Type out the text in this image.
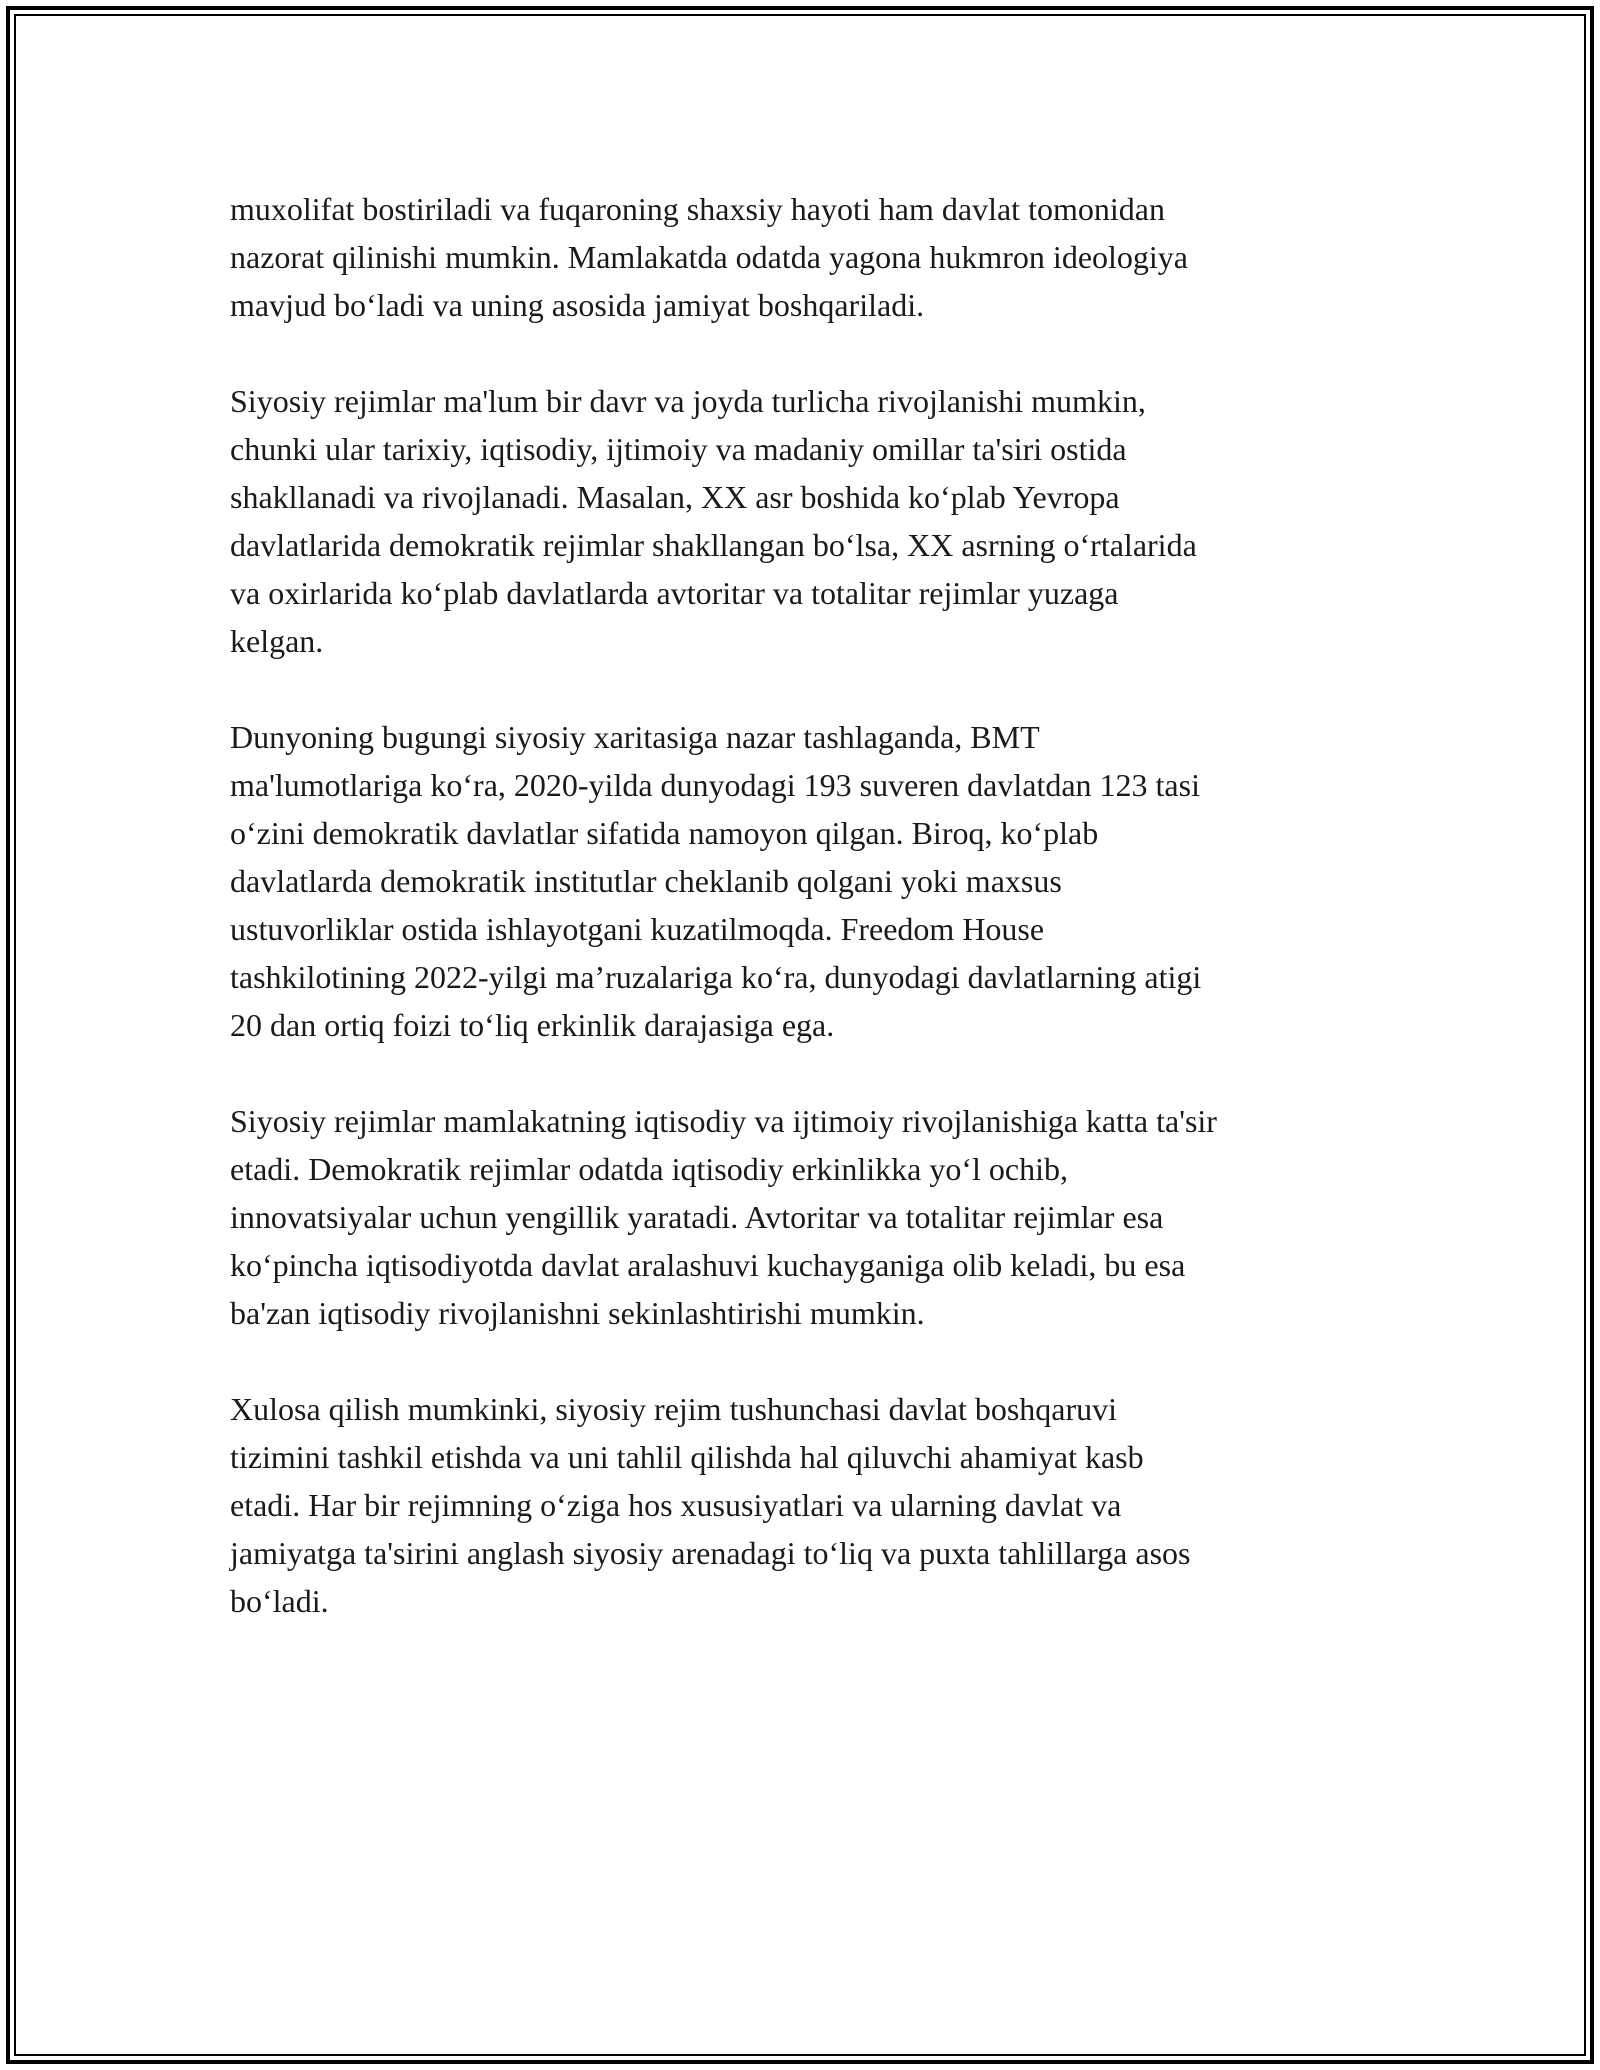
muxolifat bostiriladi va fuqaroning shaxsiy hayoti ham davlat tomonidan
nazorat qilinishi mumkin. Mamlakatda odatda yagona hukmron ideologiya
mavjud bo‘ladi va uning asosida jamiyat boshqariladi.

Siyosiy rejimlar ma'lum bir davr va joyda turlicha rivojlanishi mumkin,
chunki ular tarixiy, iqtisodiy, ijtimoiy va madaniy omillar ta'siri ostida
shakllanadi va rivojlanadi. Masalan, XX asr boshida ko‘plab Yevropa
davlatlarida demokratik rejimlar shakllangan bo‘lsa, XX asrning o‘rtalarida
va oxirlarida ko‘plab davlatlarda avtoritar va totalitar rejimlar yuzaga
kelgan.

Dunyoning bugungi siyosiy xaritasiga nazar tashlaganda, BMT
ma'lumotlariga ko‘ra, 2020-yilda dunyodagi 193 suveren davlatdan 123 tasi
o‘zini demokratik davlatlar sifatida namoyon qilgan. Biroq, ko‘plab
davlatlarda demokratik institutlar cheklanib qolgani yoki maxsus
ustuvorliklar ostida ishlayotgani kuzatilmoqda. Freedom House
tashkilotining 2022-yilgi ma’ruzalariga ko‘ra, dunyodagi davlatlarning atigi
20 dan ortiq foizi to‘liq erkinlik darajasiga ega.

Siyosiy rejimlar mamlakatning iqtisodiy va ijtimoiy rivojlanishiga katta ta'sir
etadi. Demokratik rejimlar odatda iqtisodiy erkinlikka yo‘l ochib,
innovatsiyalar uchun yengillik yaratadi. Avtoritar va totalitar rejimlar esa
ko‘pincha iqtisodiyotda davlat aralashuvi kuchayganiga olib keladi, bu esa
ba'zan iqtisodiy rivojlanishni sekinlashtirishi mumkin.

Xulosa qilish mumkinki, siyosiy rejim tushunchasi davlat boshqaruvi
tizimini tashkil etishda va uni tahlil qilishda hal qiluvchi ahamiyat kasb
etadi. Har bir rejimning o‘ziga hos xususiyatlari va ularning davlat va
jamiyatga ta'sirini anglash siyosiy arenadagi to‘liq va puxta tahlillarga asos
bo‘ladi.
